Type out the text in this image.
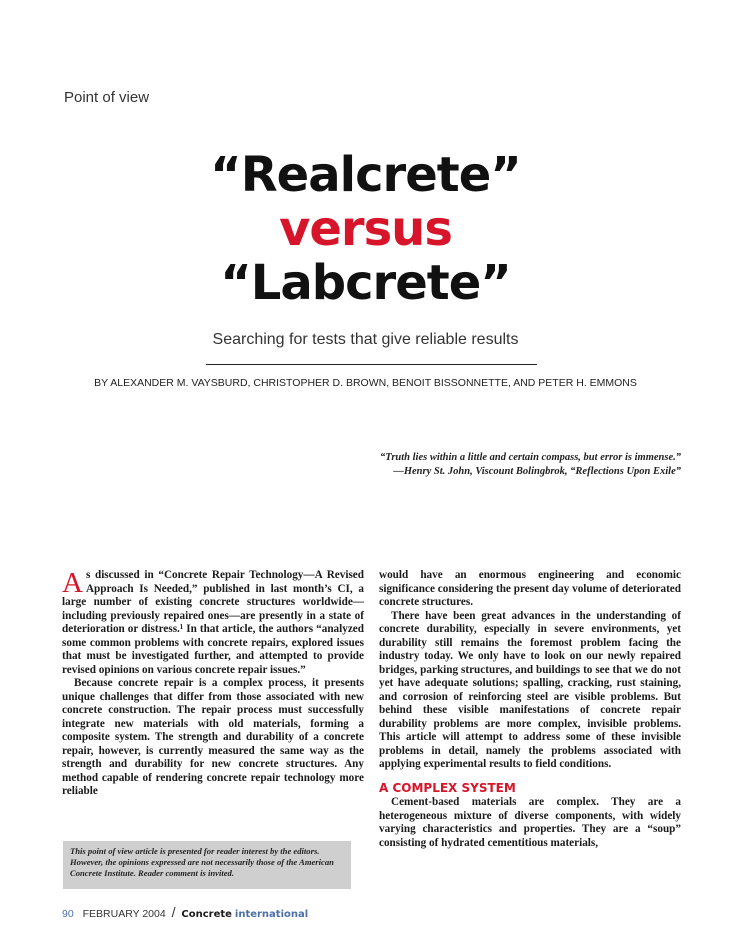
Point of view
“Realcrete”
versus
“Labcrete”
Searching for tests that give reliable results
BY ALEXANDER M. VAYSBURD, CHRISTOPHER D. BROWN, BENOIT BISSONNETTE, AND PETER H. EMMONS
“Truth lies within a little and certain compass, but error is immense.”
—Henry St. John, Viscount Bolingbrok, “Reflections Upon Exile”

As discussed in “Concrete Repair Technology—A Revised Approach Is Needed,” published in last month’s CI, a large number of existing concrete structures worldwide—including previously repaired ones—are presently in a state of deterioration or distress.¹ In that article, the authors “analyzed some common problems with concrete repairs, explored issues that must be investigated further, and attempted to provide revised opinions on various concrete repair issues.”

Because concrete repair is a complex process, it presents unique challenges that differ from those associated with new concrete construction. The repair process must successfully integrate new materials with old materials, forming a composite system. The strength and durability of a concrete repair, however, is currently measured the same way as the strength and durability for new concrete structures. Any method capable of rendering concrete repair technology more reliable

would have an enormous engineering and economic significance considering the present day volume of deteriorated concrete structures.

There have been great advances in the understanding of concrete durability, especially in severe environments, yet durability still remains the foremost problem facing the industry today. We only have to look on our newly repaired bridges, parking structures, and buildings to see that we do not yet have adequate solutions; spalling, cracking, rust staining, and corrosion of reinforcing steel are visible problems. But behind these visible manifestations of concrete repair durability problems are more complex, invisible problems. This article will attempt to address some of these invisible problems in detail, namely the problems associated with applying experimental results to field conditions.

A COMPLEX SYSTEM

Cement-based materials are complex. They are a heterogeneous mixture of diverse components, with widely varying characteristics and properties. They are a “soup” consisting of hydrated cementitious materials,

This point of view article is presented for reader interest by the editors. However, the opinions expressed are not necessarily those of the American Concrete Institute. Reader comment is invited.
90 FEBRUARY 2004 / Concrete international
